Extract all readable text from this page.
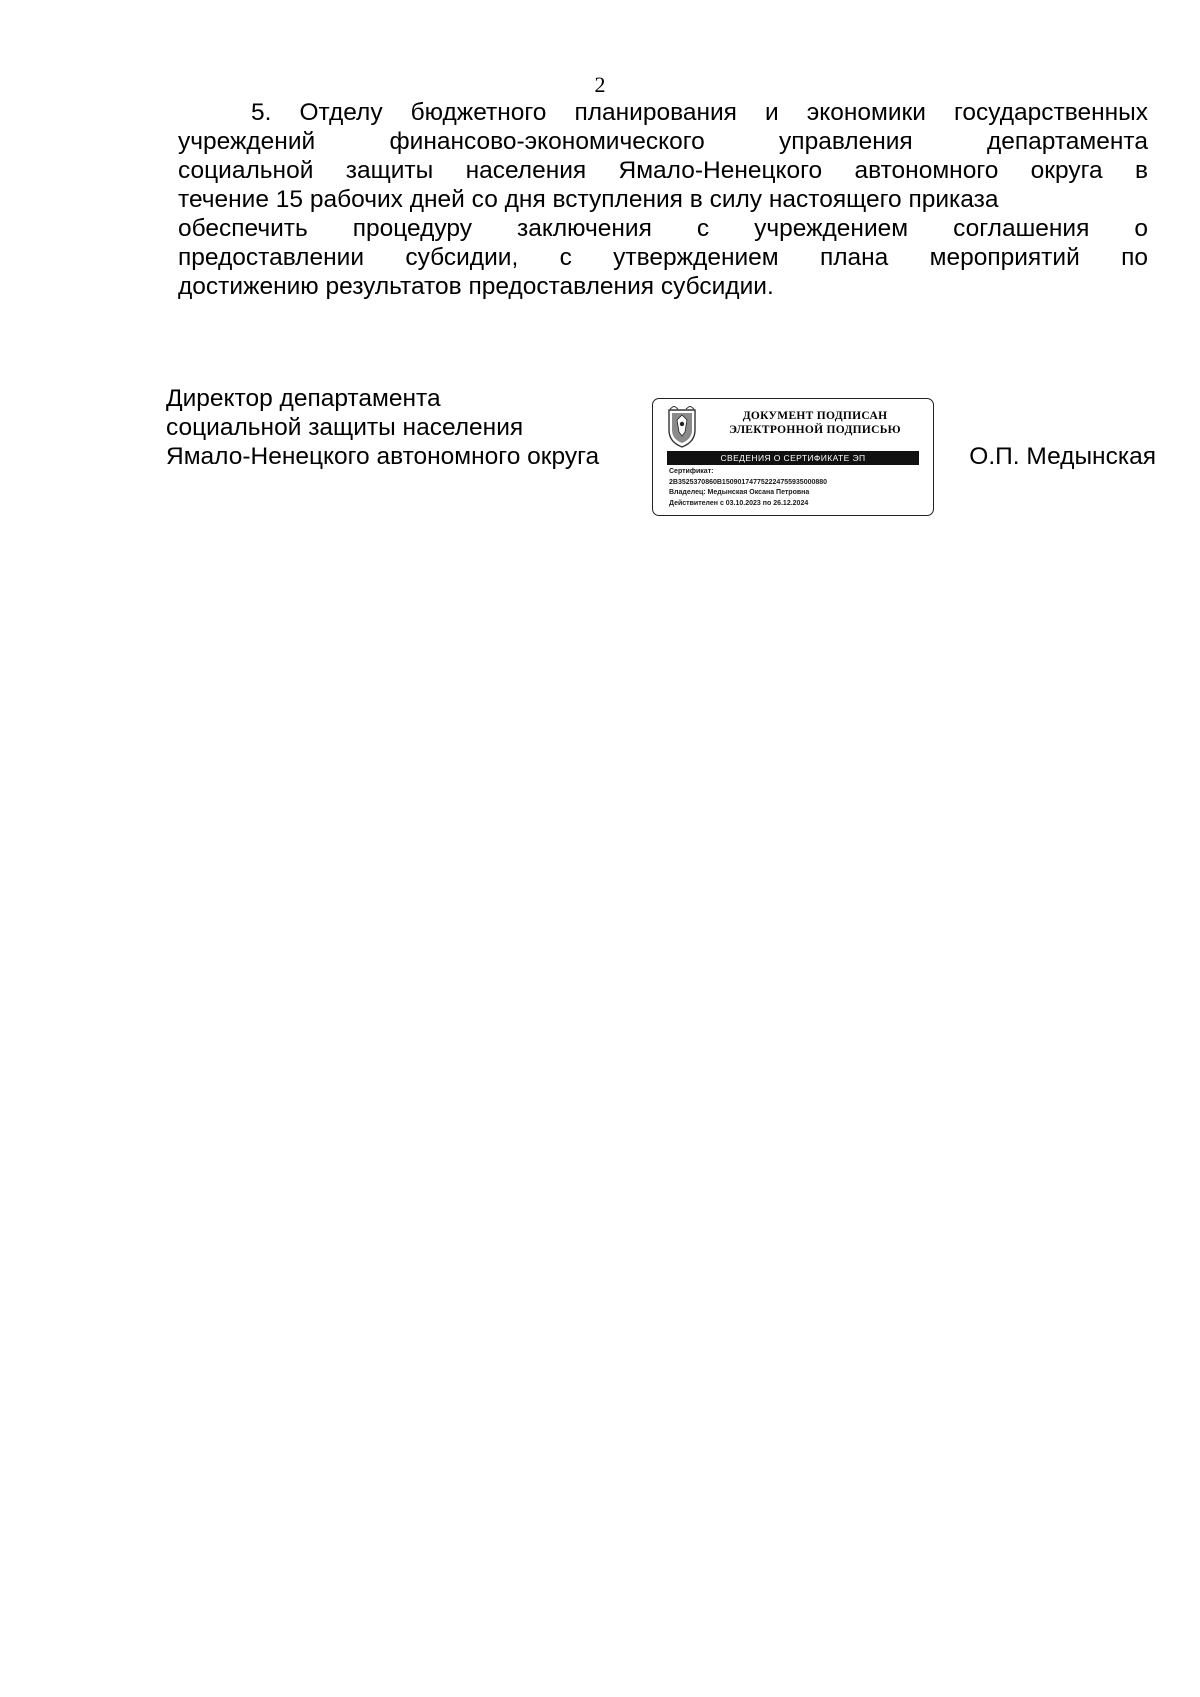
2
5. Отделу бюджетного планирования и экономики государственных
учреждений финансово-экономического управления департамента
социальной защиты населения Ямало-Ненецкого автономного округа в
течение 15 рабочих дней со дня вступления в силу настоящего приказа
обеспечить процедуру заключения с учреждением соглашения о
предоставлении субсидии, с утверждением плана мероприятий по
достижению результатов предоставления субсидии.
Директор департамента
социальной защиты населения
Ямало-Ненецкого автономного округа
ДОКУМЕНТ ПОДПИСАН
ЭЛЕКТРОННОЙ ПОДПИСЬЮ
СВЕДЕНИЯ О СЕРТИФИКАТЕ ЭП
Сертификат:
2B3525370860B150901747752224755935000880
Владелец: Медынская Оксана Петровна
Действителен с 03.10.2023 по 26.12.2024
О.П. Медынская
